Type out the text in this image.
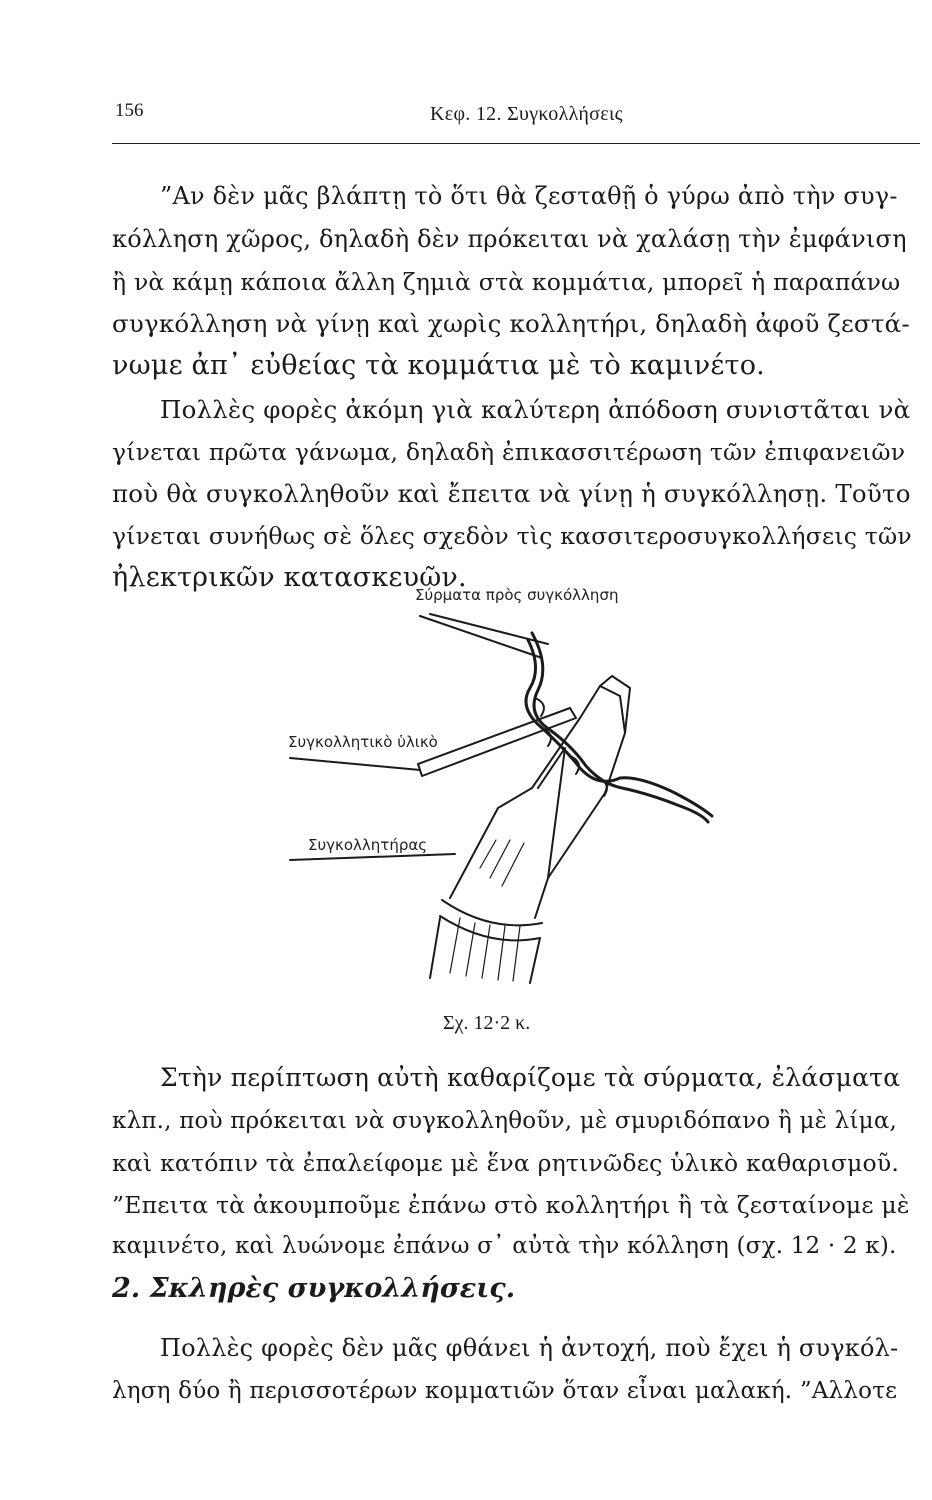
156	Κεφ. 12. Συγκολλήσεις
”Αν δὲν μᾶς βλάπτῃ τὸ ὅτι θὰ ζεσταθῇ ὁ γύρω ἀπὸ τὴν συγ-
κόλληση χῶρος, δηλαδὴ δὲν πρόκειται νὰ χαλάσῃ τὴν ἐμφάνιση
ἢ νὰ κάμῃ κάποια ἄλλη ζημιὰ στὰ κομμάτια, μπορεῖ ἡ παραπάνω
συγκόλληση νὰ γίνῃ καὶ χωρὶς κολλητήρι, δηλαδὴ ἀφοῦ ζεστά-
νωμε ἀπ᾽ εὐθείας τὰ κομμάτια μὲ τὸ καμινέτο.
Πολλὲς φορὲς ἀκόμη γιὰ καλύτερη ἀπόδοση συνιστᾶται νὰ
γίνεται πρῶτα γάνωμα, δηλαδὴ ἐπικασσιτέρωση τῶν ἐπιφανειῶν
ποὺ θὰ συγκολληθοῦν καὶ ἔπειτα νὰ γίνῃ ἡ συγκόλλησῃ. Τοῦτο
γίνεται συνήθως σὲ ὅλες σχεδὸν τὶς κασσιτεροσυγκολλήσεις τῶν
ἠλεκτρικῶν κατασκευῶν.
Σύρματα πρὸς συγκόλληση
Συγκολλητικὸ ὑλικὸ
Συγκολλητήρας
Σχ. 12·2 κ.
Στὴν περίπτωση αὐτὴ καθαρίζομε τὰ σύρματα, ἐλάσματα
κλπ., ποὺ πρόκειται νὰ συγκολληθοῦν, μὲ σμυριδόπανο ἢ μὲ λίμα,
καὶ κατόπιν τὰ ἐπαλείφομε μὲ ἕνα ρητινῶδες ὑλικὸ καθαρισμοῦ.
”Επειτα τὰ ἀκουμποῦμε ἐπάνω στὸ κολλητήρι ἢ τὰ ζεσταίνομε μὲ
καμινέτο, καὶ λυώνομε ἐπάνω σ᾽ αὐτὰ τὴν κόλληση (σχ. 12 · 2 κ).
2. Σκληρὲς συγκολλήσεις.
Πολλὲς φορὲς δὲν μᾶς φθάνει ἡ ἀντοχή, ποὺ ἔχει ἡ συγκόλ-
ληση δύο ἢ περισσοτέρων κομματιῶν ὅταν εἶναι μαλακή. ”Αλλοτε
